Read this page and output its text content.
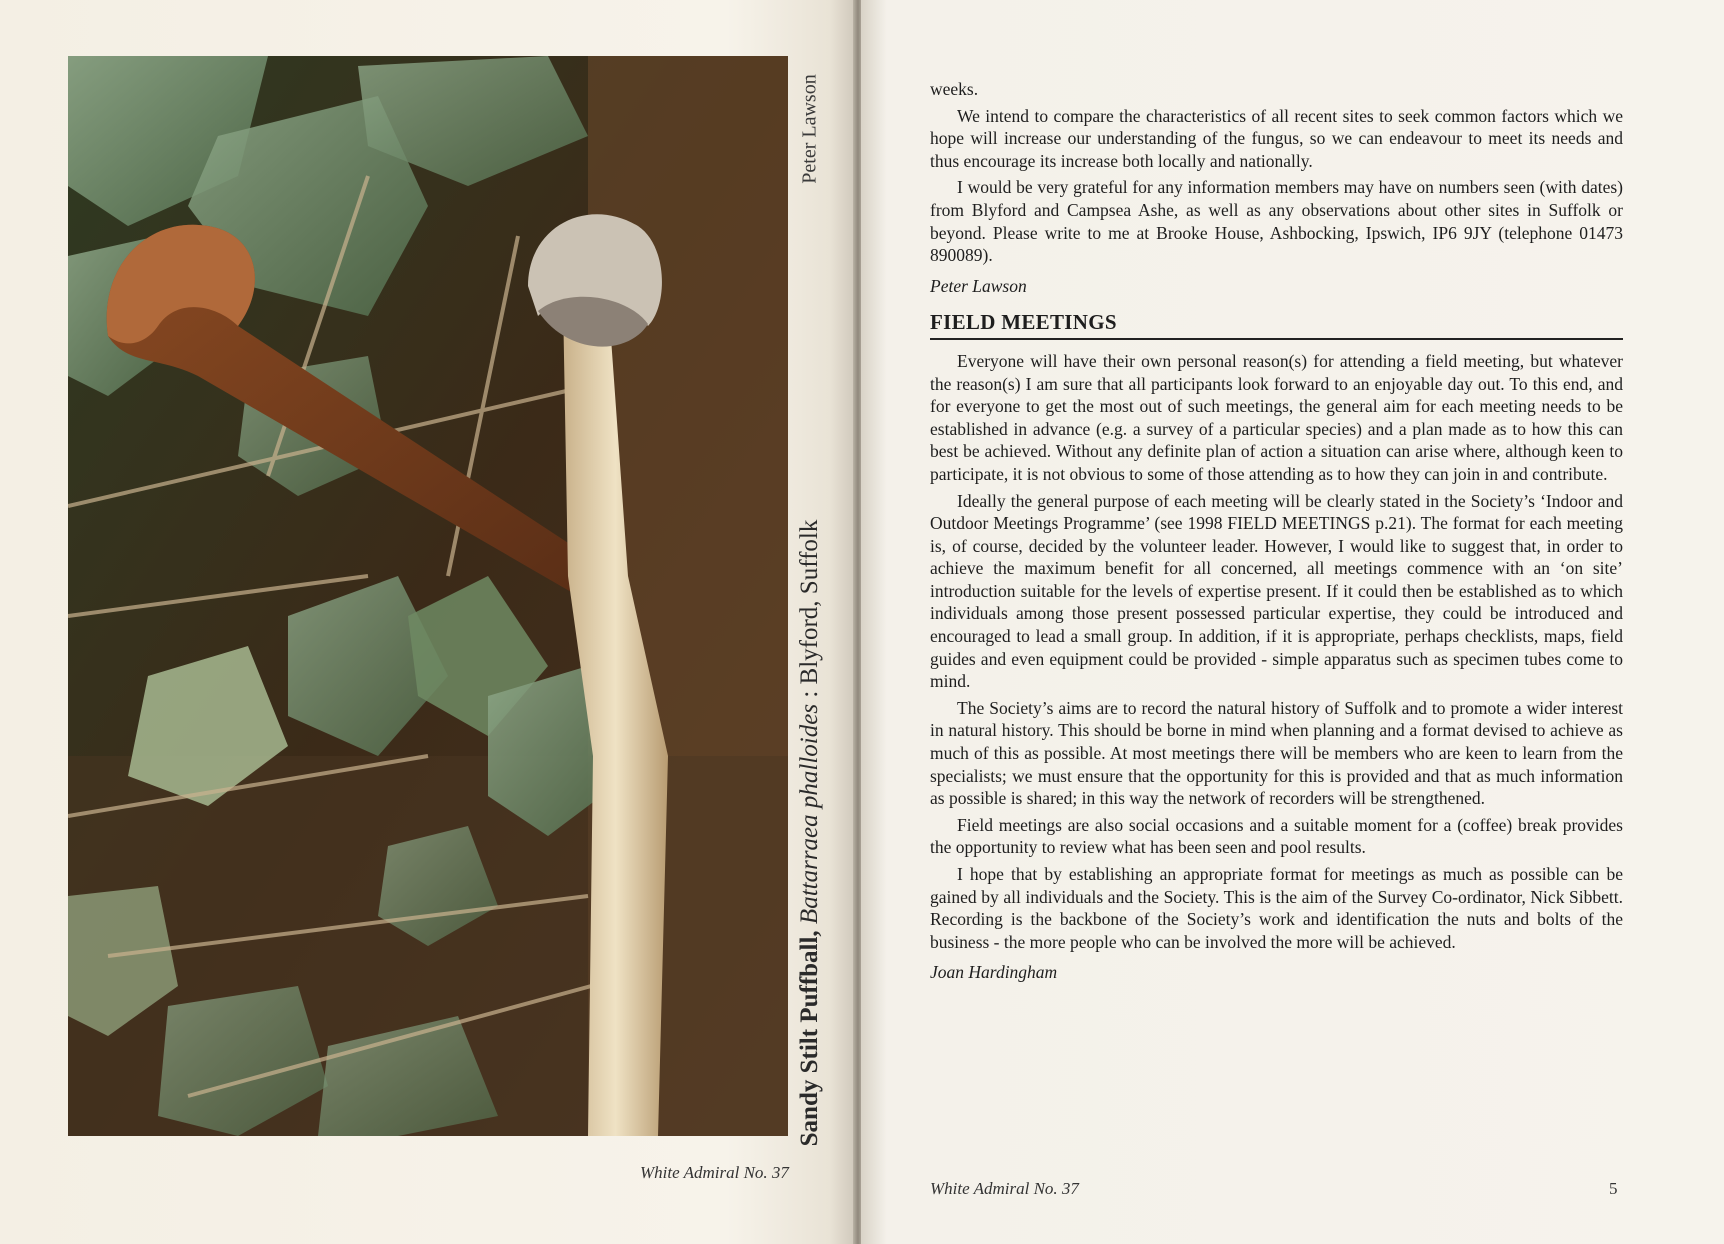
Peter Lawson
Sandy Stilt Puffball, Battarraea phalloides : Blyford, Suffolk
White Admiral No. 37

weeks.

We intend to compare the characteristics of all recent sites to seek common factors which we hope will increase our understanding of the fungus, so we can endeavour to meet its needs and thus encourage its increase both locally and nationally.

I would be very grateful for any information members may have on numbers seen (with dates) from Blyford and Campsea Ashe, as well as any observations about other sites in Suffolk or beyond. Please write to me at Brooke House, Ashbocking, Ipswich, IP6 9JY (telephone 01473 890089).

Peter Lawson

FIELD MEETINGS

Everyone will have their own personal reason(s) for attending a field meeting, but whatever the reason(s) I am sure that all participants look forward to an enjoyable day out. To this end, and for everyone to get the most out of such meetings, the general aim for each meeting needs to be established in advance (e.g. a survey of a particular species) and a plan made as to how this can best be achieved. Without any definite plan of action a situation can arise where, although keen to participate, it is not obvious to some of those attending as to how they can join in and contribute.

Ideally the general purpose of each meeting will be clearly stated in the Society’s ‘Indoor and Outdoor Meetings Programme’ (see 1998 FIELD MEETINGS p.21). The format for each meeting is, of course, decided by the volunteer leader. However, I would like to suggest that, in order to achieve the maximum benefit for all concerned, all meetings commence with an ‘on site’ introduction suitable for the levels of expertise present. If it could then be established as to which individuals among those present possessed particular expertise, they could be introduced and encouraged to lead a small group. In addition, if it is appropriate, perhaps checklists, maps, field guides and even equipment could be provided - simple apparatus such as specimen tubes come to mind.

The Society’s aims are to record the natural history of Suffolk and to promote a wider interest in natural history. This should be borne in mind when planning and a format devised to achieve as much of this as possible. At most meetings there will be members who are keen to learn from the specialists; we must ensure that the opportunity for this is provided and that as much information as possible is shared; in this way the network of recorders will be strengthened.

Field meetings are also social occasions and a suitable moment for a (coffee) break provides the opportunity to review what has been seen and pool results.

I hope that by establishing an appropriate format for meetings as much as possible can be gained by all individuals and the Society. This is the aim of the Survey Co-ordinator, Nick Sibbett. Recording is the backbone of the Society’s work and identification the nuts and bolts of the business - the more people who can be involved the more will be achieved.

Joan Hardingham

White Admiral No. 37	5
